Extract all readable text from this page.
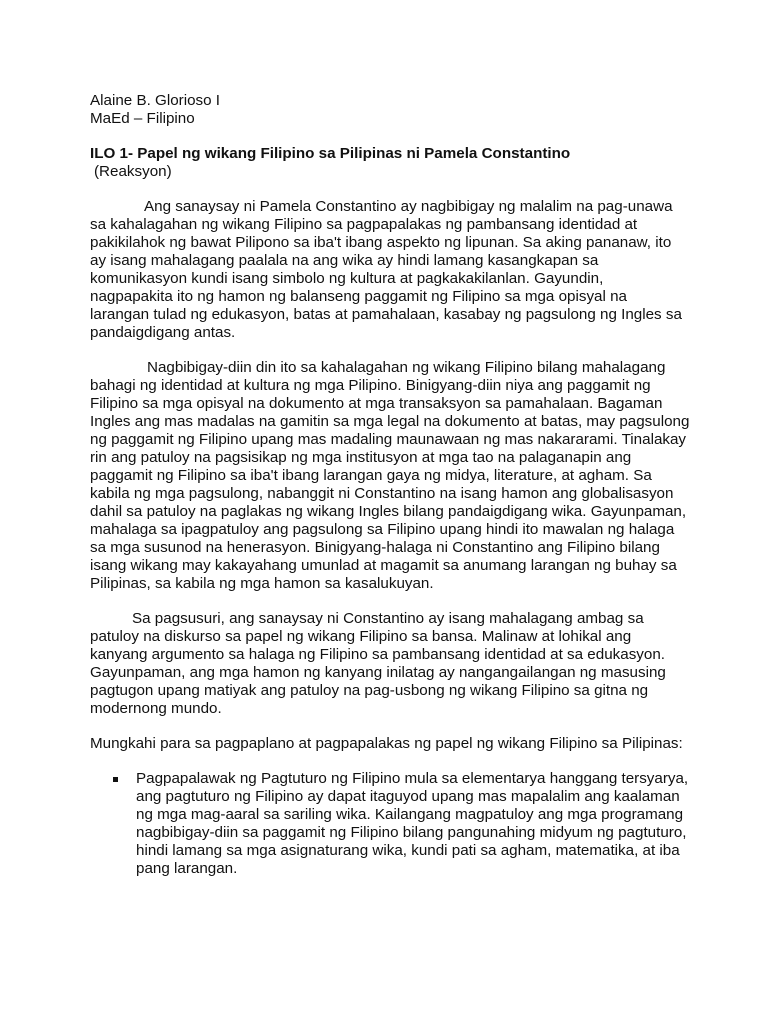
Alaine B. Glorioso I
MaEd – Filipino
ILO 1- Papel ng wikang Filipino sa Pilipinas ni Pamela Constantino
(Reaksyon)

Ang sanaysay ni Pamela Constantino ay nagbibigay ng malalim na pag-unawa sa kahalagahan ng wikang Filipino sa pagpapalakas ng pambansang identidad at pakikilahok ng bawat Pilipono sa iba't ibang aspekto ng lipunan. Sa aking pananaw, ito ay isang mahalagang paalala na ang wika ay hindi lamang kasangkapan sa komunikasyon kundi isang simbolo ng kultura at pagkakakilanlan. Gayundin, nagpapakita ito ng hamon ng balanseng paggamit ng Filipino sa mga opisyal na larangan tulad ng edukasyon, batas at pamahalaan, kasabay ng pagsulong ng Ingles sa pandaigdigang antas.

Nagbibigay-diin din ito sa kahalagahan ng wikang Filipino bilang mahalagang bahagi ng identidad at kultura ng mga Pilipino. Binigyang-diin niya ang paggamit ng Filipino sa mga opisyal na dokumento at mga transaksyon sa pamahalaan. Bagaman Ingles ang mas madalas na gamitin sa mga legal na dokumento at batas, may pagsulong ng paggamit ng Filipino upang mas madaling maunawaan ng mas nakararami. Tinalakay rin ang patuloy na pagsisikap ng mga institusyon at mga tao na palaganapin ang paggamit ng Filipino sa iba't ibang larangan gaya ng midya, literature, at agham. Sa kabila ng mga pagsulong, nabanggit ni Constantino na isang hamon ang globalisasyon dahil sa patuloy na paglakas ng wikang Ingles bilang pandaigdigang wika. Gayunpaman, mahalaga sa ipagpatuloy ang pagsulong sa Filipino upang hindi ito mawalan ng halaga sa mga susunod na henerasyon. Binigyang-halaga ni Constantino ang Filipino bilang isang wikang may kakayahang umunlad at magamit sa anumang larangan ng buhay sa Pilipinas, sa kabila ng mga hamon sa kasalukuyan.

Sa pagsusuri, ang sanaysay ni Constantino ay isang mahalagang ambag sa patuloy na diskurso sa papel ng wikang Filipino sa bansa. Malinaw at lohikal ang kanyang argumento sa halaga ng Filipino sa pambansang identidad at sa edukasyon. Gayunpaman, ang mga hamon ng kanyang inilatag ay nangangailangan ng masusing pagtugon upang matiyak ang patuloy na pag-usbong ng wikang Filipino sa gitna ng modernong mundo.

Mungkahi para sa pagpaplano at pagpapalakas ng papel ng wikang Filipino sa Pilipinas:

Pagpapalawak ng Pagtuturo ng Filipino mula sa elementarya hanggang tersyarya, ang pagtuturo ng Filipino ay dapat itaguyod upang mas mapalalim ang kaalaman ng mga mag-aaral sa sariling wika. Kailangang magpatuloy ang mga programang nagbibigay-diin sa paggamit ng Filipino bilang pangunahing midyum ng pagtuturo, hindi lamang sa mga asignaturang wika, kundi pati sa agham, matematika, at iba pang larangan.
